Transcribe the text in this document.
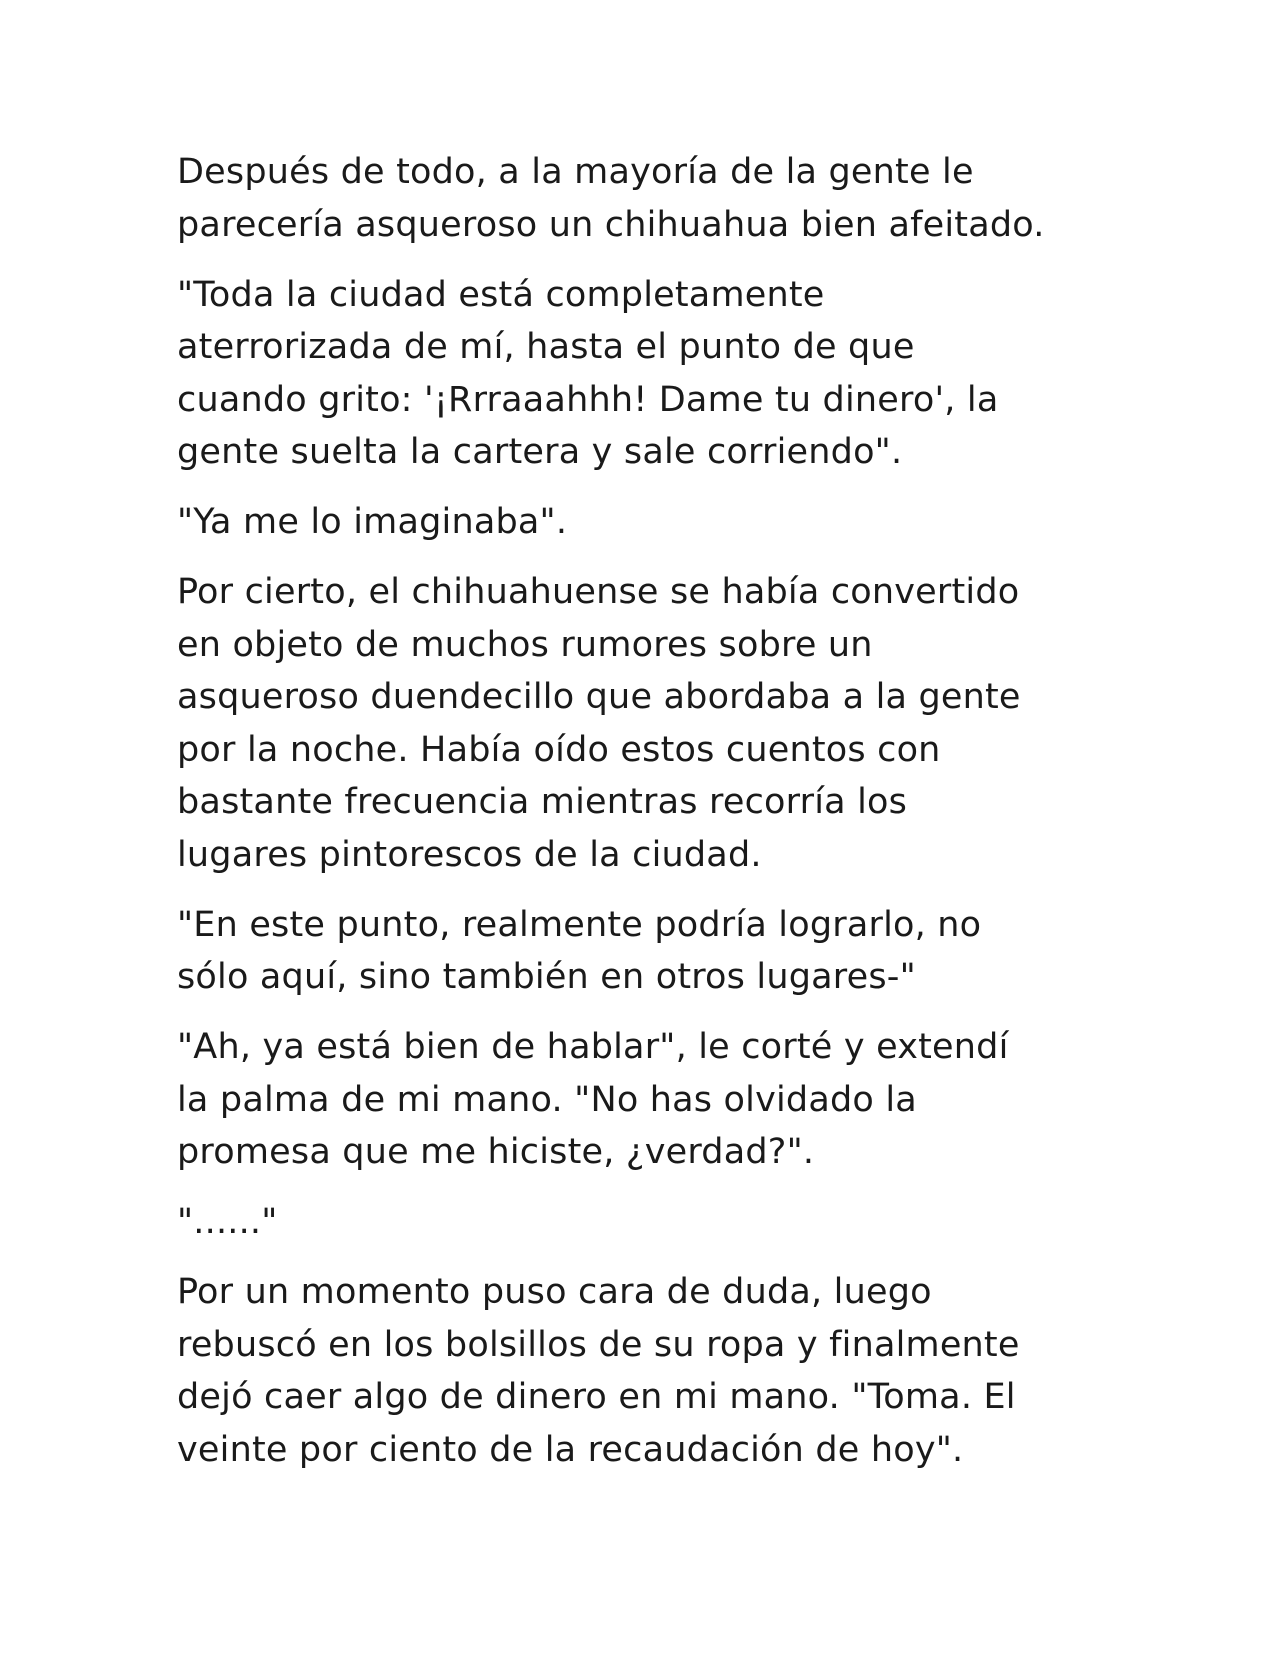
Después de todo, a la mayoría de la gente le
parecería asqueroso un chihuahua bien afeitado.

"Toda la ciudad está completamente
aterrorizada de mí, hasta el punto de que
cuando grito: '¡Rrraaahhh! Dame tu dinero', la
gente suelta la cartera y sale corriendo".

"Ya me lo imaginaba".

Por cierto, el chihuahuense se había convertido
en objeto de muchos rumores sobre un
asqueroso duendecillo que abordaba a la gente
por la noche. Había oído estos cuentos con
bastante frecuencia mientras recorría los
lugares pintorescos de la ciudad.

"En este punto, realmente podría lograrlo, no
sólo aquí, sino también en otros lugares-"

"Ah, ya está bien de hablar", le corté y extendí
la palma de mi mano. "No has olvidado la
promesa que me hiciste, ¿verdad?".

"......"

Por un momento puso cara de duda, luego
rebuscó en los bolsillos de su ropa y finalmente
dejó caer algo de dinero en mi mano. "Toma. El
veinte por ciento de la recaudación de hoy".
